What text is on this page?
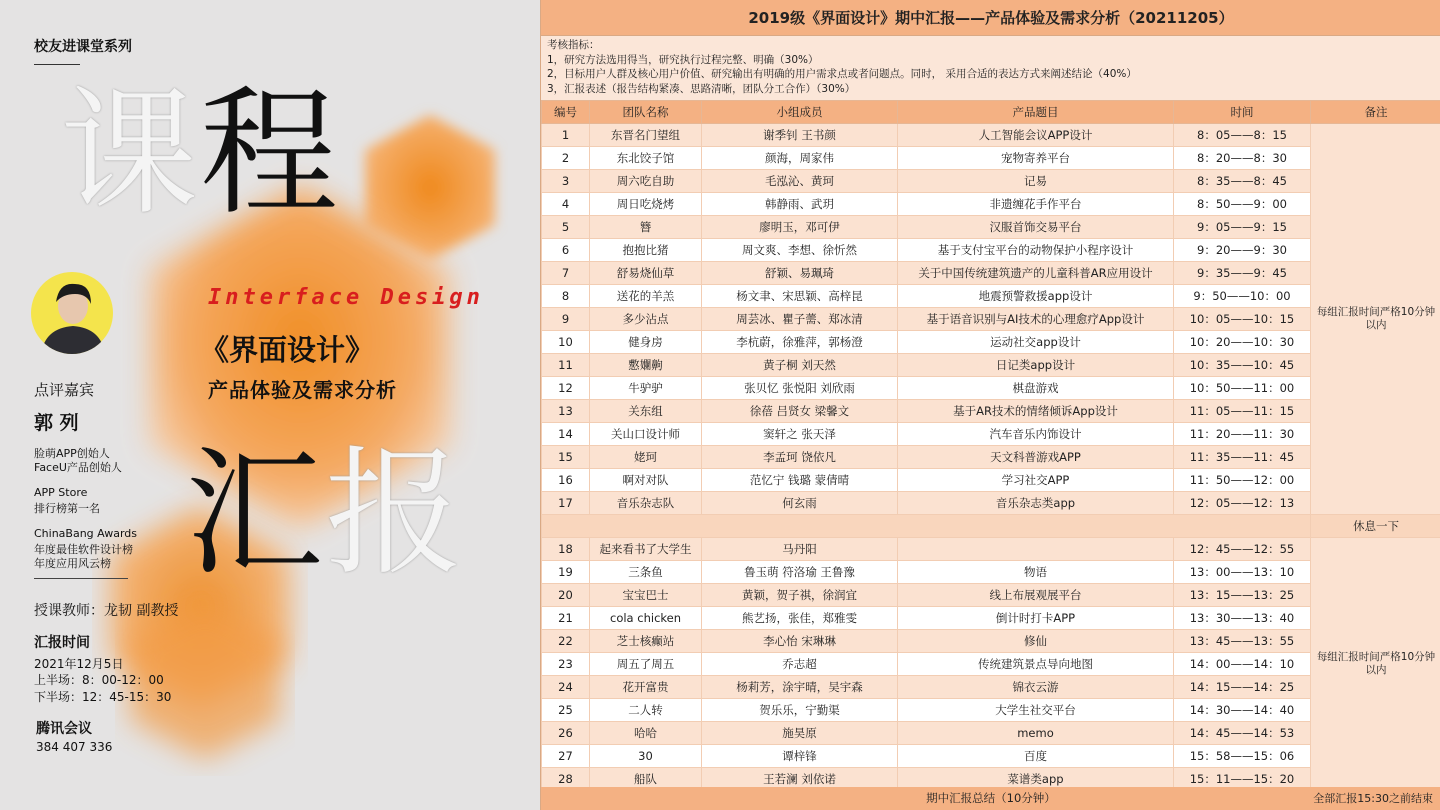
校友进课堂系列
课 程
汇 报
Interface Design
《界面设计》
产品体验及需求分析
点评嘉宾
郭 列
脸萌APP创始人
FaceU产品创始人
APP Store
排行榜第一名
ChinaBang Awards
年度最佳软件设计榜
年度应用风云榜
授课教师：龙韧 副教授
汇报时间
2021年12月5日
上半场：8：00-12：00
下半场：12：45-15：30
腾讯会议
384 407 336
2019级《界面设计》期中汇报——产品体验及需求分析（20211205）
考核指标：
1，研究方法选用得当，研究执行过程完整、明确（30%）
2，目标用户人群及核心用户价值、研究输出有明确的用户需求点或者问题点。同时， 采用合适的表达方式来阐述结论（40%）
3，汇报表述（报告结构紧凑、思路清晰，团队分工合作）（30%）
编号	团队名称	小组成员	产品题目	时间	备注
1	东晋名门望组	谢季钊 王书颜	人工智能会议APP设计	8：05——8：15	每组汇报时间严格10分钟以内
2	东北饺子馆	颜海，周家伟	宠物寄养平台	8：20——8：30	
3	周六吃自助	毛泓沁、黄珂	记易	8：35——8：45	
4	周日吃烧烤	韩静雨、武玥	非遗缠花手作平台	8：50——9：00	
5	簪	廖明玉，邓可伊	汉服首饰交易平台	9：05——9：15	
6	抱抱比猪	周文爽、李想、徐忻然	基于支付宝平台的动物保护小程序设计	9：20——9：30	
7	舒易烧仙草	舒颖、易珮琦	关于中国传统建筑遗产的儿童科普AR应用设计	9：35——9：45	
8	送花的羊羔	杨文聿、宋思颖、高梓昆	地震预警救援app设计	9：50——10：00	
9	多少沾点	周芸冰、瞿子薷、郑冰清	基于语音识别与AI技术的心理愈疗App设计	10：05——10：15	
10	健身房	李杭蔚，徐雅萍，郭杨澄	运动社交app设计	10：20——10：30	
11	懯孄齁	黄子桐 刘天然	日记类app设计	10：35——10：45	
12	牛驴驴	张贝忆 张悦阳 刘欣雨	棋盘游戏	10：50——11：00	
13	关东组	徐蓓 吕贤女 梁馨文	基于AR技术的情绪倾诉App设计	11：05——11：15	
14	关山口设计师	窦轩之 张天泽	汽车音乐内饰设计	11：20——11：30	
15	姥珂	李孟珂 饶依凡	天文科普游戏APP	11：35——11：45	
16	啊对对队	范忆宁 钱璐 蒙倩晴	学习社交APP	11：50——12：00	
17	音乐杂志队	何玄雨	音乐杂志类app	12：05——12：13	
					休息一下
18	起来看书了大学生	马丹阳		12：45——12：55	每组汇报时间严格10分钟以内
19	三条鱼	鲁玉萌 符洛瑜 王鲁豫	物语	13：00——13：10	
20	宝宝巴士	黄颖，贺子祺，徐润宜	线上布展观展平台	13：15——13：25	
21	cola chicken	熊艺扬，张佳，郑雅雯	倒计时打卡APP	13：30——13：40	
22	芝士核癫站	李心怡 宋琳琳	修仙	13：45——13：55	
23	周五了周五	乔志超	传统建筑景点导向地图	14：00——14：10	
24	花开富贵	杨莉芳，涂宇晴，吴宇森	锦衣云游	14：15——14：25	
25	二人转	贺乐乐，宁勤渠	大学生社交平台	14：30——14：40	
26	哈哈	施昊原	memo	14：45——14：53	
27	30	谭梓锋	百度	15：58——15：06	
28	船队	王若澜 刘依诺	菜谱类app	15：11——15：20	
期中汇报总结（10分钟）	全部汇报15:30之前结束
